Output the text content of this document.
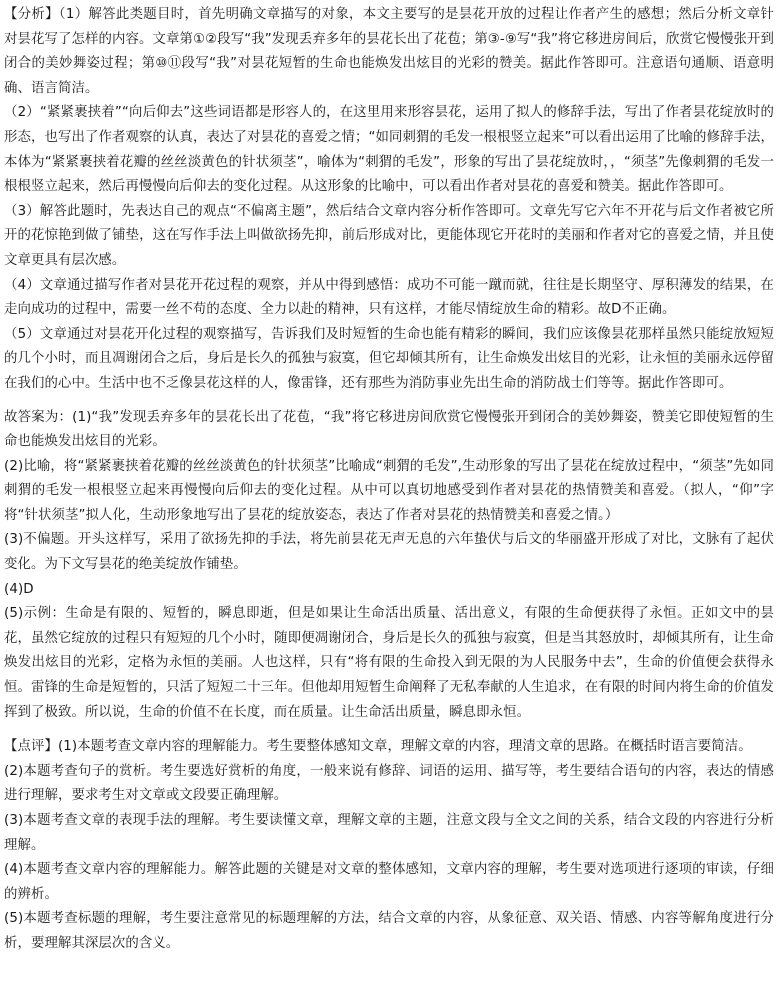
【分析】（1）解答此类题目时，首先明确文章描写的对象，本文主要写的是昙花开放的过程让作者产生的感想；然后分析文章针对昙花写了怎样的内容。文章第①②段写“我”发现丢弃多年的昙花长出了花苞；第③-⑨写“我”将它移进房间后，欣赏它慢慢张开到闭合的美妙舞姿过程；第⑩⑪段写“我”对昙花短暂的生命也能焕发出炫目的光彩的赞美。据此作答即可。注意语句通顺、语意明确、语言简洁。

（2）“紧紧裹挟着”“向后仰去”这些词语都是形容人的，在这里用来形容昙花，运用了拟人的修辞手法，写出了作者昙花绽放时的形态，也写出了作者观察的认真，表达了对昙花的喜爱之情；“如同刺猬的毛发一根根竖立起来”可以看出运用了比喻的修辞手法，本体为“紧紧裹挟着花瓣的丝丝淡黄色的针状须茎”，喻体为“刺猬的毛发”，形象的写出了昙花绽放时，，“须茎”先像刺猬的毛发一根根竖立起来，然后再慢慢向后仰去的变化过程。从这形象的比喻中，可以看出作者对昙花的喜爱和赞美。据此作答即可。

（3）解答此题时，先表达自己的观点“不偏离主题”，然后结合文章内容分析作答即可。文章先写它六年不开花与后文作者被它所开的花惊艳到做了铺垫，这在写作手法上叫做欲扬先抑，前后形成对比，更能体现它开花时的美丽和作者对它的喜爱之情，并且使文章更具有层次感。

（4）文章通过描写作者对昙花开花过程的观察，并从中得到感悟：成功不可能一蹴而就，往往是长期坚守、厚积薄发的结果，在走向成功的过程中，需要一丝不苟的态度、全力以赴的精神，只有这样，才能尽情绽放生命的精彩。故D不正确。

（5）文章通过对昙花开化过程的观察描写，告诉我们及时短暂的生命也能有精彩的瞬间，我们应该像昙花那样虽然只能绽放短短的几个小时，而且凋谢闭合之后，身后是长久的孤独与寂寞，但它却倾其所有，让生命焕发出炫目的光彩，让永恒的美丽永远停留在我们的心中。生活中也不乏像昙花这样的人，像雷锋，还有那些为消防事业先出生命的消防战士们等等。据此作答即可。

故答案为：(1)“我”发现丢弃多年的昙花长出了花苞，“我”将它移进房间欣赏它慢慢张开到闭合的美妙舞姿，赞美它即使短暂的生命也能焕发出炫目的光彩。

(2)比喻，将“紧紧裹挟着花瓣的丝丝淡黄色的针状须茎”比喻成“刺猬的毛发”,生动形象的写出了昙花在绽放过程中，“须茎”先如同刺猬的毛发一根根竖立起来再慢慢向后仰去的变化过程。从中可以真切地感受到作者对昙花的热情赞美和喜爱。（拟人，“仰”字将“针状须茎”拟人化，生动形象地写出了昙花的绽放姿态，表达了作者对昙花的热情赞美和喜爱之情。）

(3)不偏题。开头这样写，采用了欲扬先抑的手法，将先前昙花无声无息的六年蛰伏与后文的华丽盛开形成了对比，文脉有了起伏变化。为下文写昙花的绝美绽放作铺垫。

(4)D

(5)示例：生命是有限的、短暂的，瞬息即逝，但是如果让生命活出质量、活出意义，有限的生命便获得了永恒。正如文中的昙花，虽然它绽放的过程只有短短的几个小时，随即便凋谢闭合，身后是长久的孤独与寂寞，但是当其怒放时，却倾其所有，让生命焕发出炫目的光彩，定格为永恒的美丽。人也这样，只有“将有限的生命投入到无限的为人民服务中去”，生命的价值便会获得永恒。雷锋的生命是短暂的，只活了短短二十三年。但他却用短暂生命阐释了无私奉献的人生追求，在有限的时间内将生命的价值发挥到了极致。所以说，生命的价值不在长度，而在质量。让生命活出质量，瞬息即永恒。

【点评】(1)本题考查文章内容的理解能力。考生要整体感知文章，理解文章的内容，理清文章的思路。在概括时语言要简洁。

(2)本题考查句子的赏析。考生要选好赏析的角度，一般来说有修辞、词语的运用、描写等，考生要结合语句的内容，表达的情感进行理解，要求考生对文章或文段要正确理解。

(3)本题考查文章的表现手法的理解。考生要读懂文章，理解文章的主题，注意文段与全文之间的关系，结合文段的内容进行分析理解。

(4)本题考查文章内容的理解能力。解答此题的关键是对文章的整体感知，文章内容的理解，考生要对选项进行逐项的审读，仔细的辨析。

(5)本题考查标题的理解，考生要注意常见的标题理解的方法，结合文章的内容，从象征意、双关语、情感、内容等解角度进行分析，要理解其深层次的含义。
